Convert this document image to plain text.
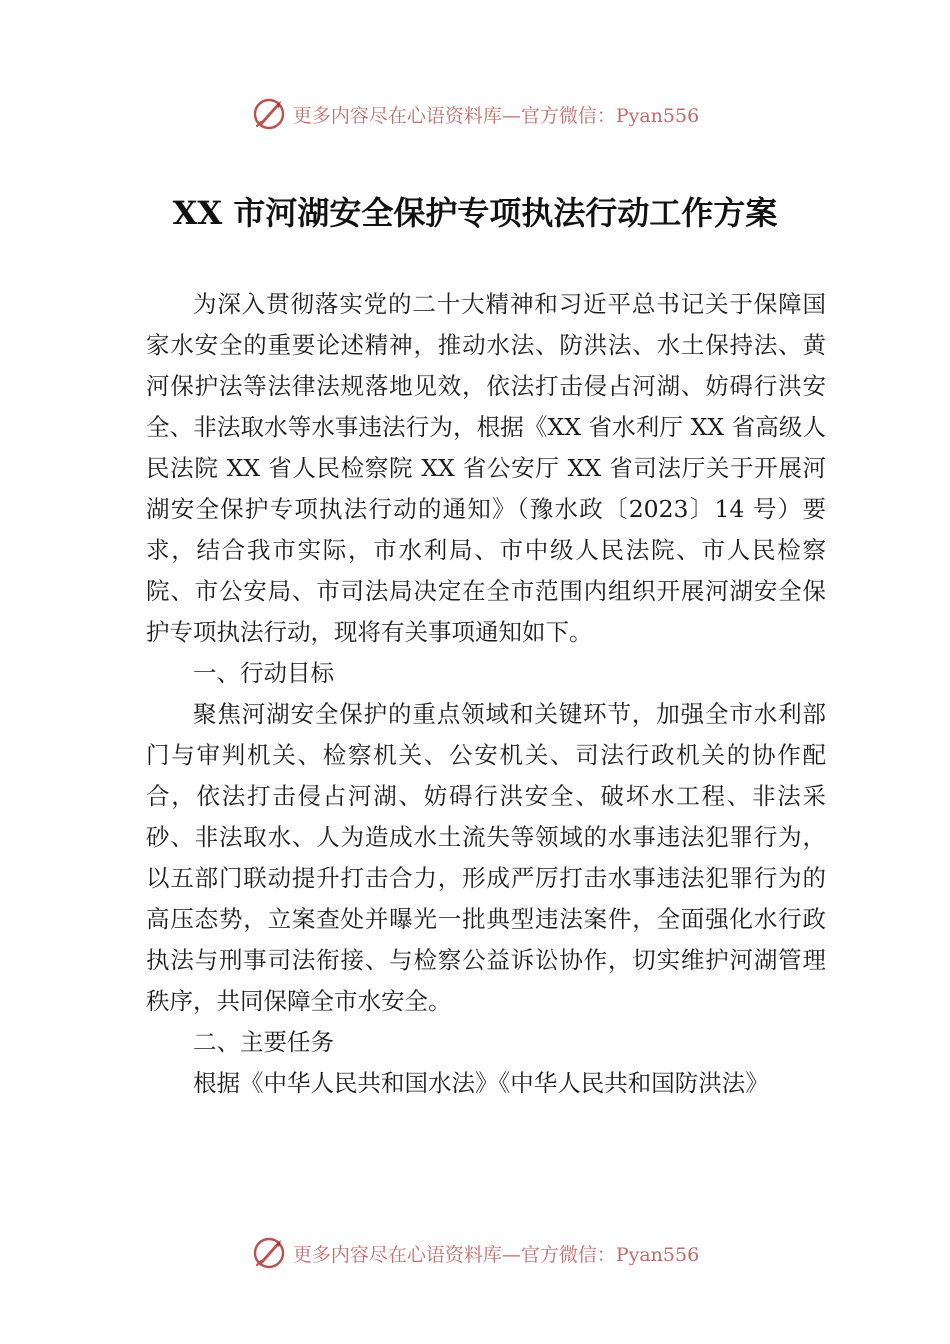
更多内容尽在心语资料库—官方微信：Pyan556
XX 市河湖安全保护专项执法行动工作方案

为深入贯彻落实党的二十大精神和习近平总书记关于保障国家水安全的重要论述精神，推动水法、防洪法、水土保持法、黄河保护法等法律法规落地见效，依法打击侵占河湖、妨碍行洪安全、非法取水等水事违法行为，根据《XX 省水利厅 XX 省高级人民法院 XX 省人民检察院 XX 省公安厅 XX 省司法厅关于开展河湖安全保护专项执法行动的通知》（豫水政〔2023〕14 号）要求，结合我市实际，市水利局、市中级人民法院、市人民检察院、市公安局、市司法局决定在全市范围内组织开展河湖安全保护专项执法行动，现将有关事项通知如下。

一、行动目标

聚焦河湖安全保护的重点领域和关键环节，加强全市水利部门与审判机关、检察机关、公安机关、司法行政机关的协作配合，依法打击侵占河湖、妨碍行洪安全、破坏水工程、非法采砂、非法取水、人为造成水土流失等领域的水事违法犯罪行为，以五部门联动提升打击合力，形成严厉打击水事违法犯罪行为的高压态势，立案查处并曝光一批典型违法案件，全面强化水行政执法与刑事司法衔接、与检察公益诉讼协作，切实维护河湖管理秩序，共同保障全市水安全。

二、主要任务

根据《中华人民共和国水法》《中华人民共和国防洪法》

更多内容尽在心语资料库—官方微信：Pyan556
